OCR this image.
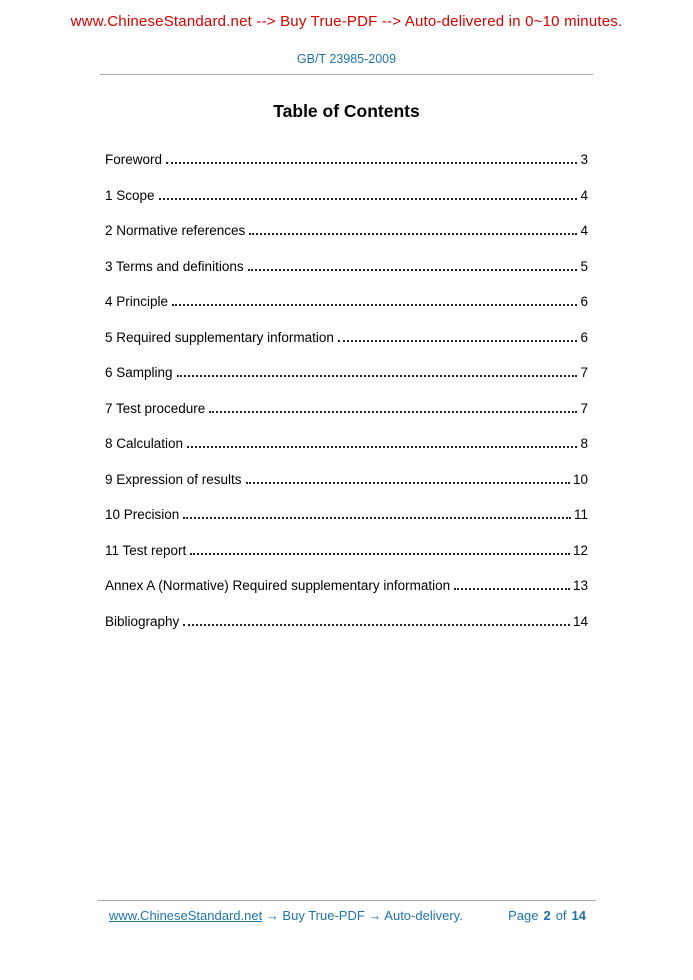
www.ChineseStandard.net --> Buy True-PDF --> Auto-delivered in 0~10 minutes.
GB/T 23985-2009
Table of Contents
Foreword	3
1 Scope	4
2 Normative references	4
3 Terms and definitions	5
4 Principle	6
5 Required supplementary information	6
6 Sampling	7
7 Test procedure	7
8 Calculation	8
9 Expression of results	10
10 Precision	11
11 Test report	12
Annex A (Normative) Required supplementary information	13
Bibliography	14
www.ChineseStandard.net → Buy True-PDF → Auto-delivery.	Page 2 of 14
